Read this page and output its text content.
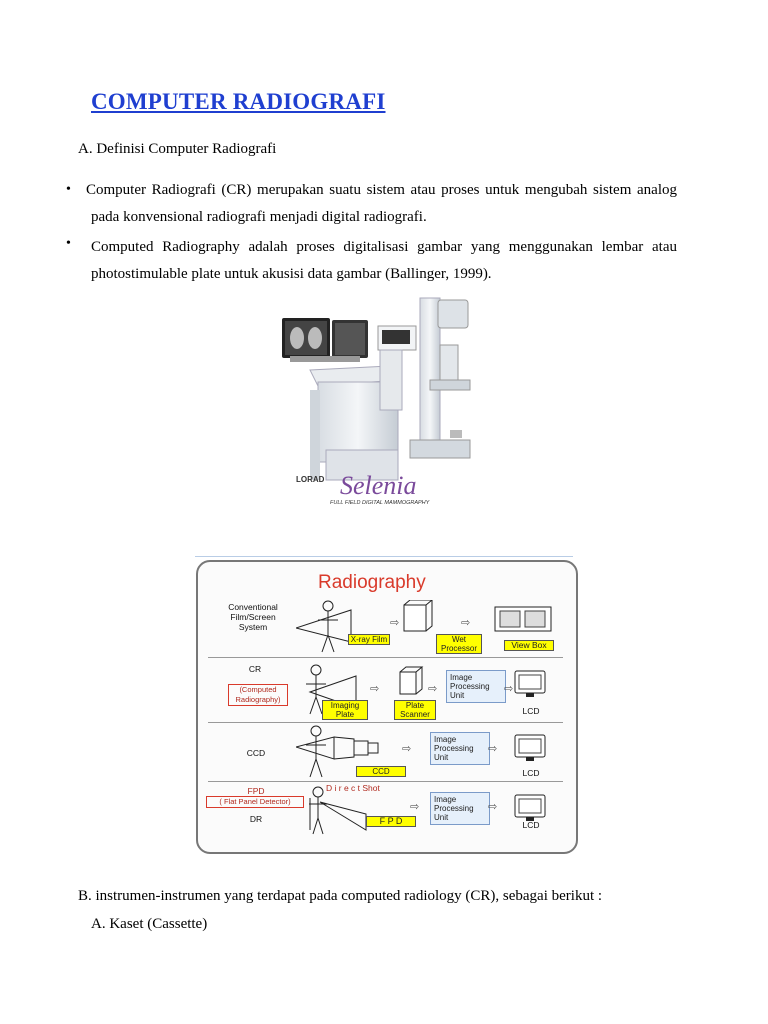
COMPUTER RADIOGRAFI
A. Definisi Computer Radiografi
• Computer Radiografi (CR) merupakan suatu sistem atau proses untuk mengubah sistem analog
pada konvensional radiografi menjadi digital radiografi.
• Computed Radiography adalah proses digitalisasi gambar yang menggunakan lembar atau
photostimulable plate untuk akusisi data gambar (Ballinger, 1999).
LORAD Selenia
FULL FIELD DIGITAL MAMMOGRAPHY
Radiography
Conventional Film/Screen System	⇨	⇨
X-ray Film	Wet Processor	View Box
CR
(Computed Radiography)
⇨	⇨
Imaging Plate
Plate Scanner
Image Processing Unit
⇨
LCD
CCD	⇨
CCD
Image Processing Unit
⇨
LCD
FPD
( Flat Panel Detector)
DR
D i r e c t Shot
F P D
⇨
Image Processing Unit
⇨
LCD
B. instrumen-instrumen yang terdapat pada computed radiology (CR), sebagai berikut :
A. Kaset (Cassette)
